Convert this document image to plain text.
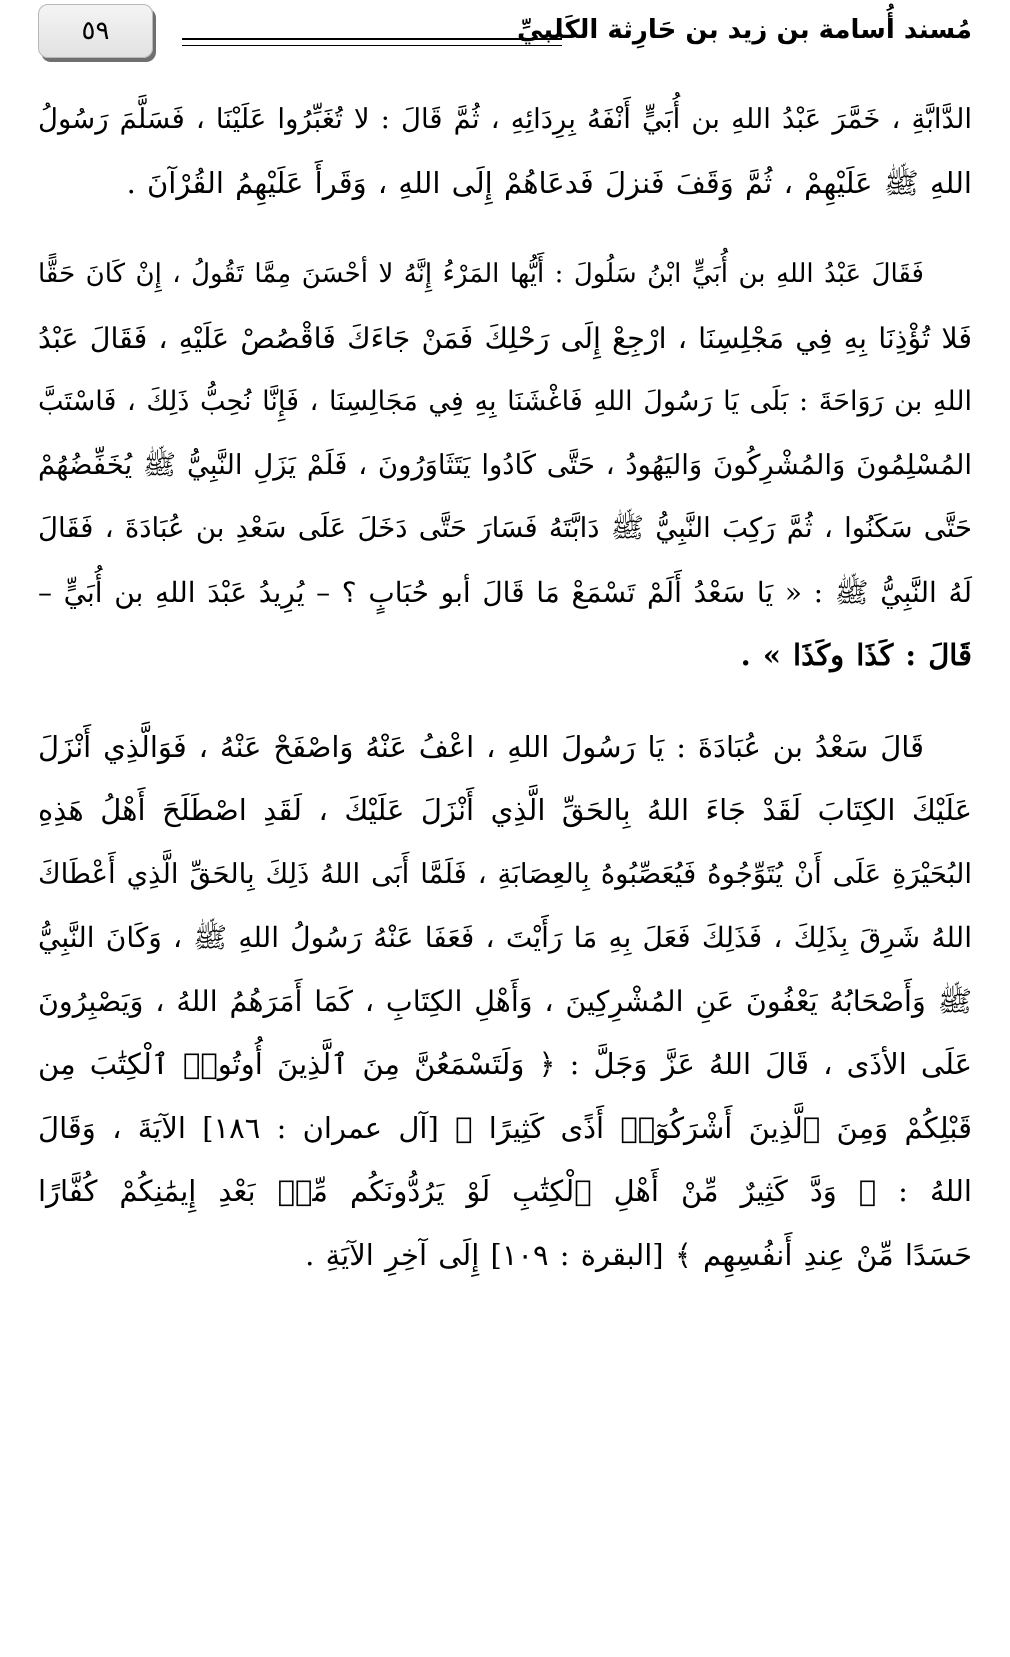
٥٩	مُسند أُسامة بن زيد بن حَارِثة الكَلبيِّ
الدَّابَّةِ ، خَمَّرَ عَبْدُ اللهِ بن أُبَيٍّ أَنْفَهُ بِرِدَائِهِ ، ثُمَّ قَالَ : لا تُغَبِّرُوا عَلَيْنَا ، فَسَلَّمَ رَسُولُ
اللهِ ﷺ عَلَيْهِمْ ، ثُمَّ وَقَفَ فَنزلَ فَدعَاهُمْ إِلَى اللهِ ، وَقَرأَ عَلَيْهِمُ القُرْآنَ .
فَقَالَ عَبْدُ اللهِ بن أُبَيٍّ ابْنُ سَلُولَ : أَيُّها المَرْءُ إِنَّهُ لا أحْسَنَ مِمَّا تَقُولُ ، إِنْ كَانَ حَقًّا
فَلا تُؤْذِنَا بِهِ فِي مَجْلِسِنَا ، ارْجِعْ إِلَى رَحْلِكَ فَمَنْ جَاءَكَ فَاقْصُصْ عَلَيْهِ ، فَقَالَ عَبْدُ
اللهِ بن رَوَاحَةَ : بَلَى يَا رَسُولَ اللهِ فَاغْشَنَا بِهِ فِي مَجَالِسِنَا ، فَإِنَّا نُحِبُّ ذَلِكَ ، فَاسْتَبَّ
المُسْلِمُونَ وَالمُشْرِكُونَ وَاليَهُودُ ، حَتَّى كَادُوا يَتَثَاوَرُونَ ، فَلَمْ يَزَلِ النَّبِيُّ ﷺ يُخَفِّضُهُمْ
حَتَّى سَكَنُوا ، ثُمَّ رَكِبَ النَّبِيُّ ﷺ دَابَّتَهُ فَسَارَ حَتَّى دَخَلَ عَلَى سَعْدِ بن عُبَادَةَ ، فَقَالَ
لَهُ النَّبِيُّ ﷺ : « يَا سَعْدُ أَلَمْ تَسْمَعْ مَا قَالَ أبو حُبَابٍ ؟ – يُرِيدُ عَبْدَ اللهِ بن أُبَيٍّ –
قَالَ : كَذَا وكَذَا » .
قَالَ سَعْدُ بن عُبَادَةَ : يَا رَسُولَ اللهِ ، اعْفُ عَنْهُ وَاصْفَحْ عَنْهُ ، فَوَالَّذِي أَنْزَلَ
عَلَيْكَ الكِتَابَ لَقَدْ جَاءَ اللهُ بِالحَقِّ الَّذِي أَنْزَلَ عَلَيْكَ ، لَقَدِ اصْطَلَحَ أَهْلُ هَذِهِ
البُحَيْرَةِ عَلَى أَنْ يُتَوِّجُوهُ فَيُعَصِّبُوهُ بِالعِصَابَةِ ، فَلَمَّا أَبَى اللهُ ذَلِكَ بِالحَقِّ الَّذِي أَعْطَاكَ
اللهُ شَرِقَ بِذَلِكَ ، فَذَلِكَ فَعَلَ بِهِ مَا رَأَيْتَ ، فَعَفَا عَنْهُ رَسُولُ اللهِ ﷺ ، وَكَانَ النَّبِيُّ
ﷺ وَأَصْحَابُهُ يَعْفُونَ عَنِ المُشْرِكِينَ ، وَأَهْلِ الكِتَابِ ، كَمَا أَمَرَهُمُ اللهُ ، وَيَصْبِرُونَ
عَلَى الأذَى ، قَالَ اللهُ عَزَّ وَجَلَّ : ﴿ وَلَتَسْمَعُنَّ مِنَ ٱلَّذِينَ أُوتُوا۟ ٱلْكِتَٰبَ مِن
قَبْلِكُمْ وَمِنَ ٱلَّذِينَ أَشْرَكُوٓا۟ أَذًى كَثِيرًا ﴾ [آل عمران : ١٨٦] الآيَةَ ، وَقَالَ
اللهُ : ﴿ وَدَّ كَثِيرٌ مِّنْ أَهْلِ ٱلْكِتَٰبِ لَوْ يَرُدُّونَكُم مِّنۢ بَعْدِ إِيمَٰنِكُمْ كُفَّارًا
حَسَدًا مِّنْ عِندِ أَنفُسِهِم ﴾ [البقرة : ١٠٩] إِلَى آخِرِ الآيَةِ .
